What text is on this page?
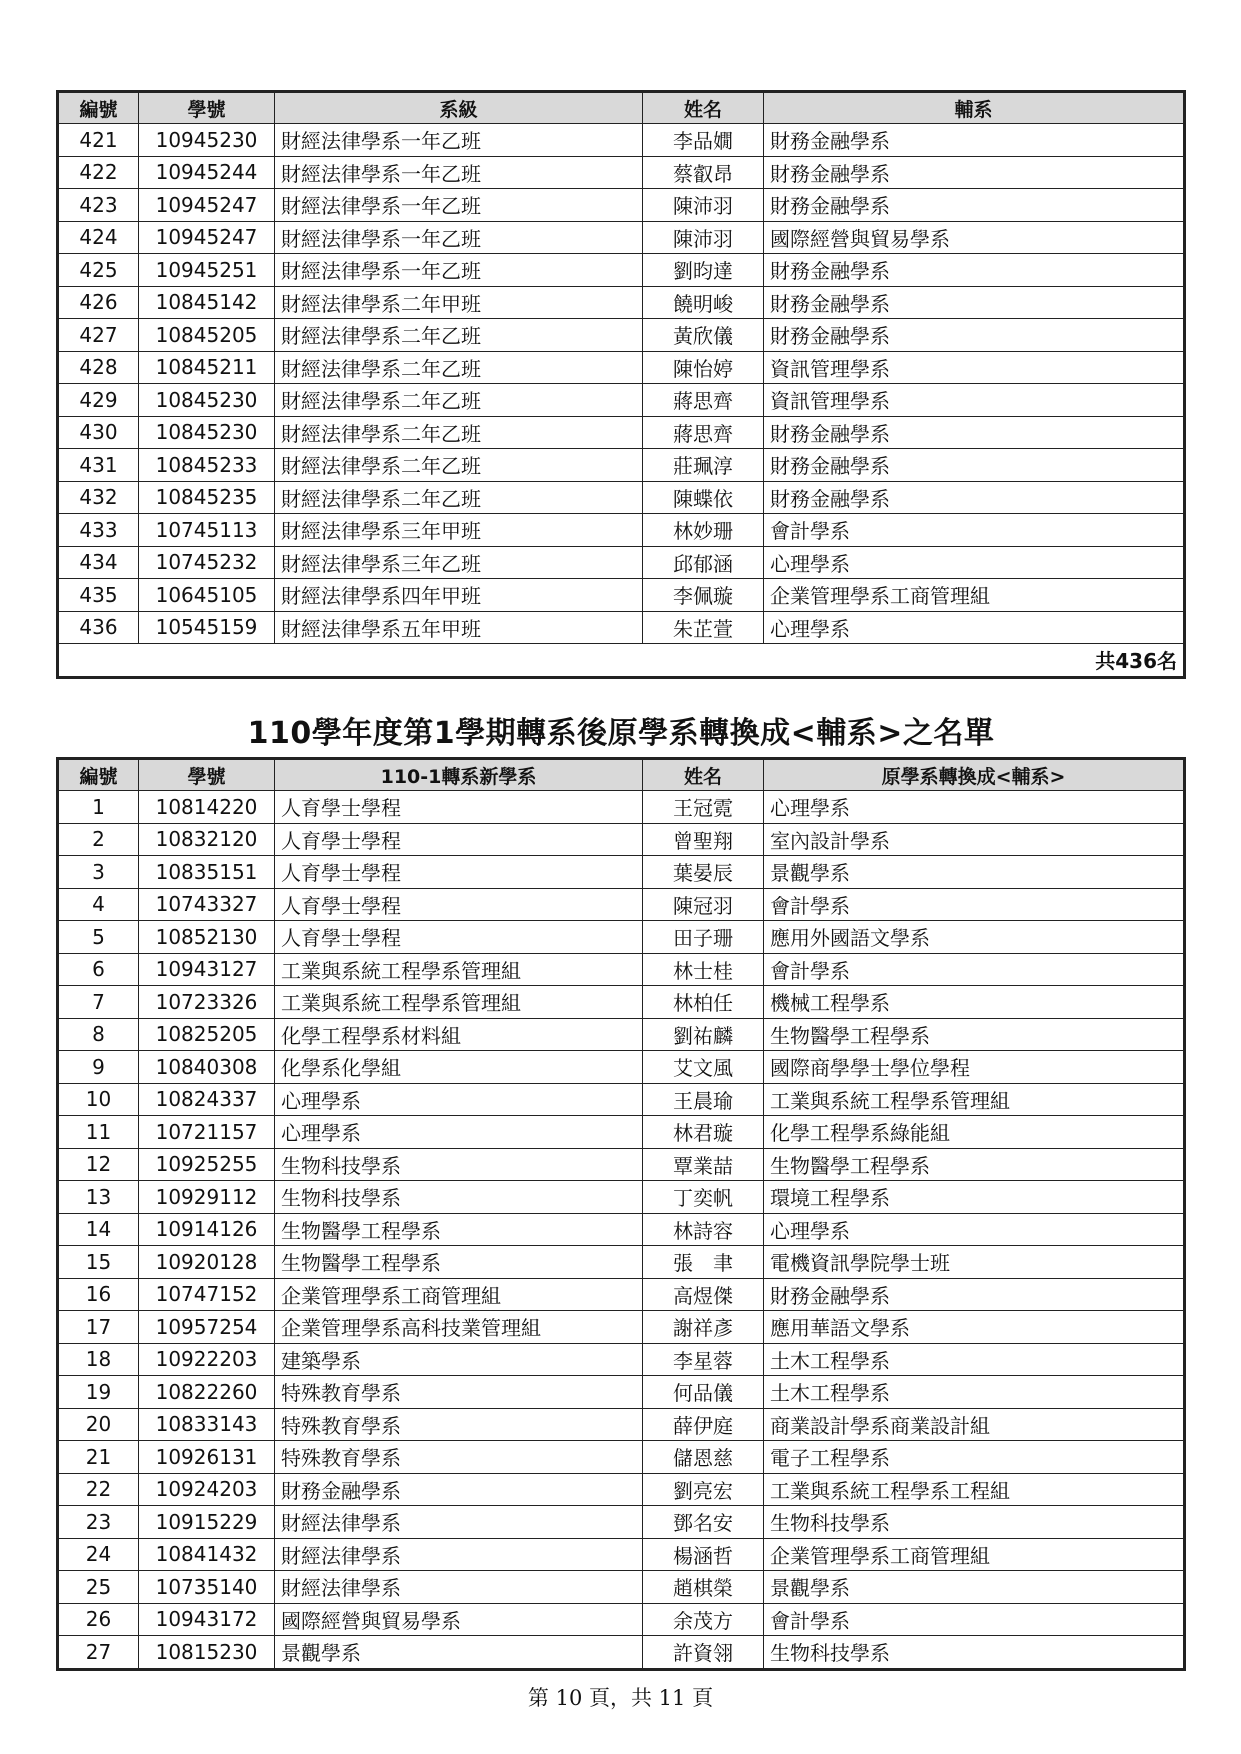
編號	學號	系級	姓名	輔系
421	10945230	財經法律學系一年乙班	李品嫺	財務金融學系
422	10945244	財經法律學系一年乙班	蔡叡昂	財務金融學系
423	10945247	財經法律學系一年乙班	陳沛羽	財務金融學系
424	10945247	財經法律學系一年乙班	陳沛羽	國際經營與貿易學系
425	10945251	財經法律學系一年乙班	劉昀達	財務金融學系
426	10845142	財經法律學系二年甲班	饒明峻	財務金融學系
427	10845205	財經法律學系二年乙班	黃欣儀	財務金融學系
428	10845211	財經法律學系二年乙班	陳怡婷	資訊管理學系
429	10845230	財經法律學系二年乙班	蔣思齊	資訊管理學系
430	10845230	財經法律學系二年乙班	蔣思齊	財務金融學系
431	10845233	財經法律學系二年乙班	莊珮淳	財務金融學系
432	10845235	財經法律學系二年乙班	陳蝶依	財務金融學系
433	10745113	財經法律學系三年甲班	林妙珊	會計學系
434	10745232	財經法律學系三年乙班	邱郁涵	心理學系
435	10645105	財經法律學系四年甲班	李佩璇	企業管理學系工商管理組
436	10545159	財經法律學系五年甲班	朱芷萱	心理學系
共436名				
110學年度第1學期轉系後原學系轉換成<輔系>之名單
編號	學號	110-1轉系新學系	姓名	原學系轉換成<輔系>
1	10814220	人育學士學程	王冠霓	心理學系
2	10832120	人育學士學程	曾聖翔	室內設計學系
3	10835151	人育學士學程	葉晏辰	景觀學系
4	10743327	人育學士學程	陳冠羽	會計學系
5	10852130	人育學士學程	田子珊	應用外國語文學系
6	10943127	工業與系統工程學系管理組	林士桂	會計學系
7	10723326	工業與系統工程學系管理組	林柏任	機械工程學系
8	10825205	化學工程學系材料組	劉祐麟	生物醫學工程學系
9	10840308	化學系化學組	艾文風	國際商學學士學位學程
10	10824337	心理學系	王晨瑜	工業與系統工程學系管理組
11	10721157	心理學系	林君璇	化學工程學系綠能組
12	10925255	生物科技學系	覃業喆	生物醫學工程學系
13	10929112	生物科技學系	丁奕帆	環境工程學系
14	10914126	生物醫學工程學系	林詩容	心理學系
15	10920128	生物醫學工程學系	張　聿	電機資訊學院學士班
16	10747152	企業管理學系工商管理組	高煜傑	財務金融學系
17	10957254	企業管理學系高科技業管理組	謝祥彥	應用華語文學系
18	10922203	建築學系	李星蓉	土木工程學系
19	10822260	特殊教育學系	何品儀	土木工程學系
20	10833143	特殊教育學系	薛伊庭	商業設計學系商業設計組
21	10926131	特殊教育學系	儲恩慈	電子工程學系
22	10924203	財務金融學系	劉亮宏	工業與系統工程學系工程組
23	10915229	財經法律學系	鄧名安	生物科技學系
24	10841432	財經法律學系	楊涵哲	企業管理學系工商管理組
25	10735140	財經法律學系	趙棋榮	景觀學系
26	10943172	國際經營與貿易學系	余茂方	會計學系
27	10815230	景觀學系	許資翎	生物科技學系
第 10 頁，共 11 頁
